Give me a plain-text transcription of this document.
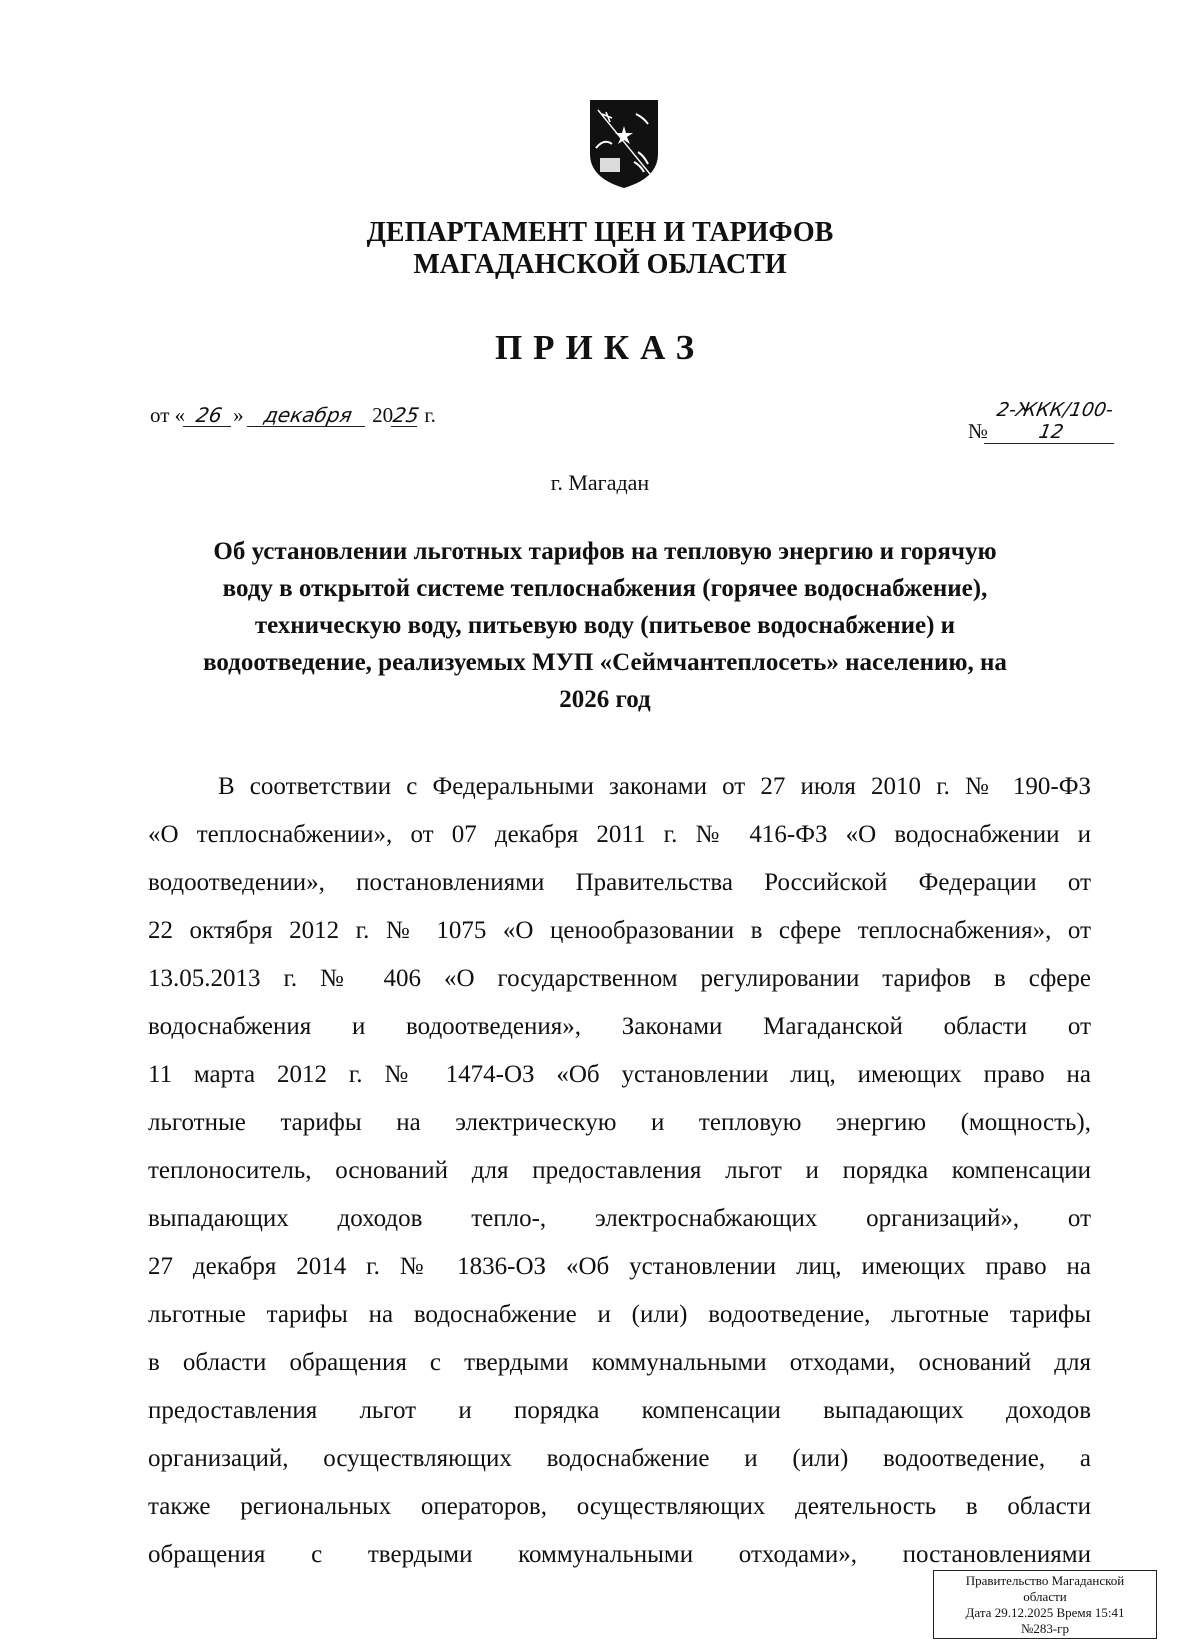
ДЕПАРТАМЕНТ ЦЕН И ТАРИФОВ
МАГАДАНСКОЙ ОБЛАСТИ
ПРИКАЗ
от « 26 » декабря 2025 г.
№2-ЖКК/100-12
г. Магадан
Об установлении льготных тарифов на тепловую энергию и горячую
воду в открытой системе теплоснабжения (горячее водоснабжение),
техническую воду, питьевую воду (питьевое водоснабжение) и
водоотведение, реализуемых МУП «Сеймчантеплосеть» населению, на
2026 год
В соответствии с Федеральными законами от 27 июля 2010 г. № 190-ФЗ
«О теплоснабжении», от 07 декабря 2011 г. № 416-ФЗ «О водоснабжении и
водоотведении», постановлениями Правительства Российской Федерации от
22 октября 2012 г. № 1075 «О ценообразовании в сфере теплоснабжения», от
13.05.2013 г. № 406 «О государственном регулировании тарифов в сфере
водоснабжения и водоотведения», Законами Магаданской области от
11 марта 2012 г. № 1474-ОЗ «Об установлении лиц, имеющих право на
льготные тарифы на электрическую и тепловую энергию (мощность),
теплоноситель, оснований для предоставления льгот и порядка компенсации
выпадающих доходов тепло-, электроснабжающих организаций», от
27 декабря 2014 г. № 1836-ОЗ «Об установлении лиц, имеющих право на
льготные тарифы на водоснабжение и (или) водоотведение, льготные тарифы
в области обращения с твердыми коммунальными отходами, оснований для
предоставления льгот и порядка компенсации выпадающих доходов
организаций, осуществляющих водоснабжение и (или) водоотведение, а
также региональных операторов, осуществляющих деятельность в области
обращения с твердыми коммунальными отходами», постановлениями
Правительство Магаданской
области
Дата 29.12.2025 Время 15:41
№283-гр
